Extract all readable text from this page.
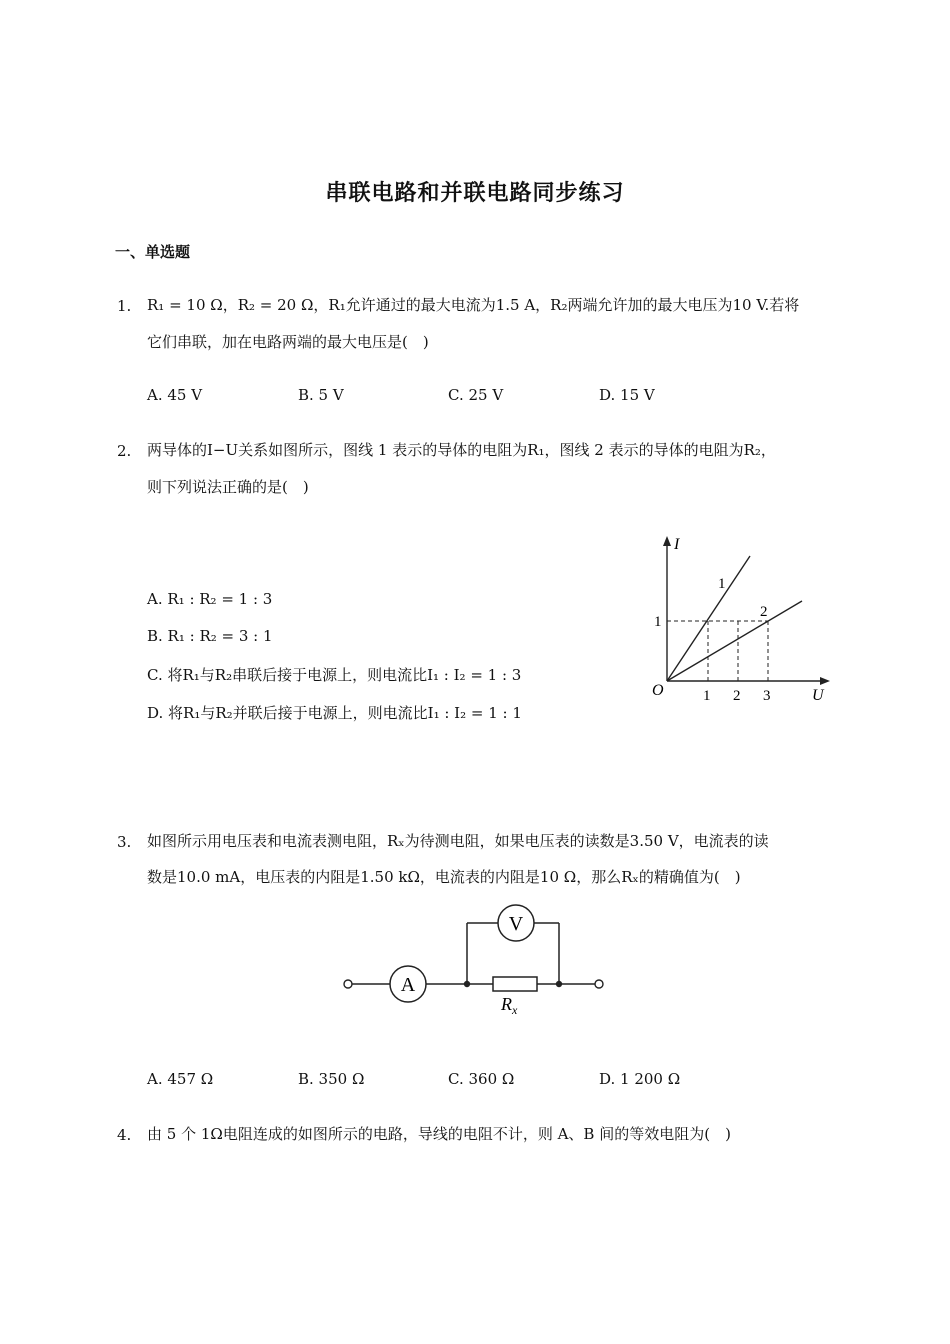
串联电路和并联电路同步练习
一、单选题
1. R₁ = 10 Ω，R₂ = 20 Ω，R₁允许通过的最大电流为1.5 A，R₂两端允许加的最大电压为10 V.若将
它们串联，加在电路两端的最大电压是(　)
A. 45 V	B. 5 V	C. 25 V	D. 15 V
2. 两导体的I−U关系如图所示，图线 1 表示的导体的电阻为R₁，图线 2 表示的导体的电阻为R₂，
则下列说法正确的是(　)
A. R₁ : R₂ = 1 : 3
B. R₁ : R₂ = 3 : 1
C. 将R₁与R₂串联后接于电源上，则电流比I₁ : I₂ = 1 : 3
D. 将R₁与R₂并联后接于电源上，则电流比I₁ : I₂ = 1 : 1
I
U
O
1
2
1
1 2 3
3. 如图所示用电压表和电流表测电阻，Rₓ为待测电阻，如果电压表的读数是3.50 V，电流表的读
数是10.0 mA，电压表的内阻是1.50 kΩ，电流表的内阻是10 Ω，那么Rₓ的精确值为(　)
A
V
$R_x$
A. 457 Ω	B. 350 Ω	C. 360 Ω	D. 1 200 Ω
4. 由 5 个 1Ω电阻连成的如图所示的电路，导线的电阻不计，则 A、B 间的等效电阻为(　)
